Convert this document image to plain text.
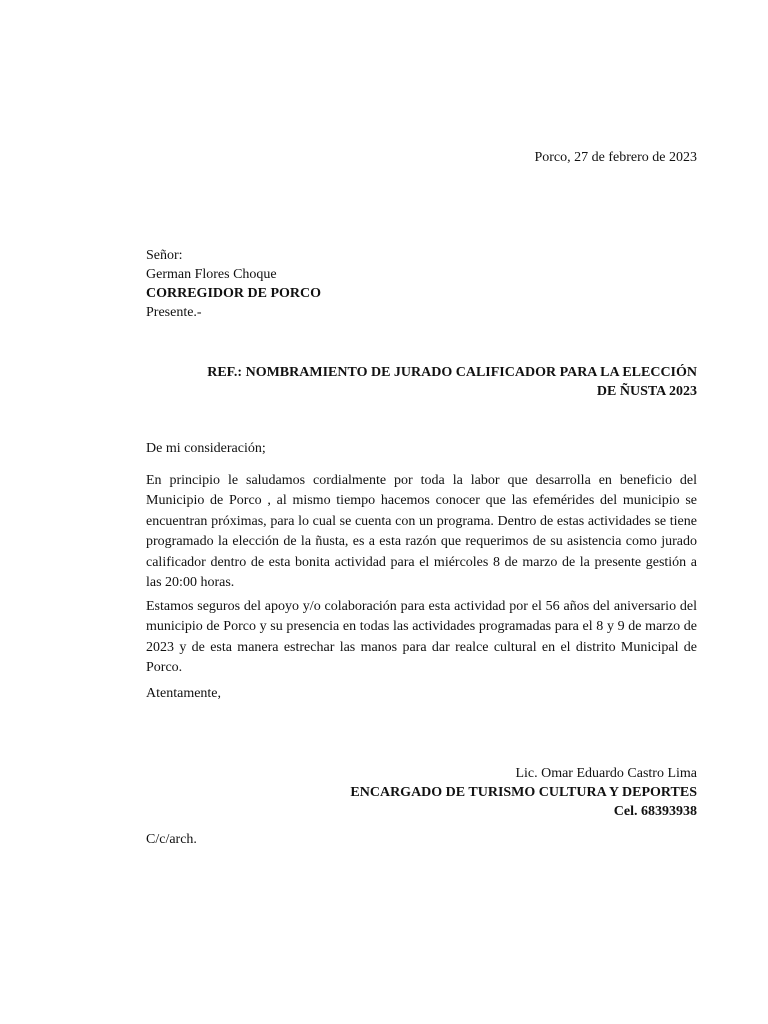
Porco, 27 de febrero de 2023

Señor:
German Flores Choque
CORREGIDOR DE PORCO
Presente.-
REF.: NOMBRAMIENTO DE JURADO CALIFICADOR PARA LA ELECCIÓN
DE ÑUSTA 2023

De mi consideración;

En principio le saludamos cordialmente por toda la labor que desarrolla en beneficio del Municipio de Porco , al mismo tiempo hacemos conocer que las efemérides del municipio se encuentran próximas, para lo cual se cuenta con un programa. Dentro de estas actividades se tiene programado la elección de la ñusta, es a esta razón que requerimos de su asistencia como jurado calificador dentro de esta bonita actividad para el miércoles 8 de marzo de la presente gestión a las 20:00 horas.

Estamos seguros del apoyo y/o colaboración para esta actividad por el 56 años del aniversario del municipio de Porco y su presencia en todas las actividades programadas para el 8 y 9 de marzo de 2023 y de esta manera estrechar las manos para dar realce cultural en el distrito Municipal de Porco.

Atentamente,

Lic. Omar Eduardo Castro Lima
ENCARGADO DE TURISMO CULTURA Y DEPORTES
Cel. 68393938

C/c/arch.
